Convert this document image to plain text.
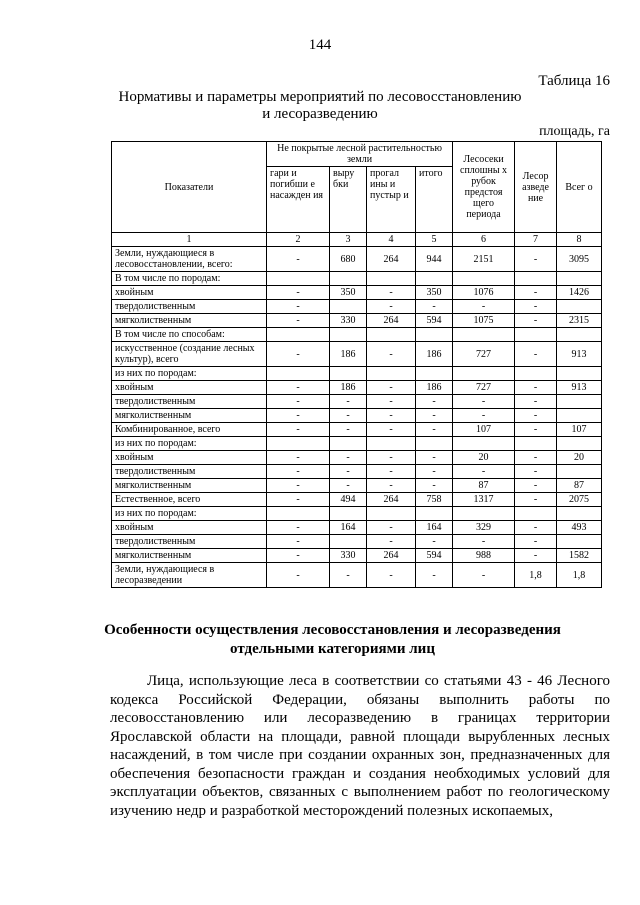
144
Таблица 16
Нормативы и параметры мероприятий по лесовосстановлению
и лесоразведению
площадь, га
Показатели	Не покрытые лесной растительностью земли				Лесосеки сплошны х рубок предстоя щего периода	Лесор азведе ние	Всег о
	гари и погибши е насажден ия	выру бки	прогал ины и пустыр и	итого			
1	2	3	4	5	6	7	8
Земли, нуждающиеся в лесовосстановлении, всего:	-	680	264	944	2151	-	3095
В том числе по породам:							
хвойным	-	350	-	350	1076	-	1426
твердолиственным	-		-	-	-	-	
мягколиственным	-	330	264	594	1075	-	2315
В том числе по способам:							
искусственное (создание лесных культур), всего	-	186	-	186	727	-	913
из них по породам:							
хвойным	-	186	-	186	727	-	913
твердолиственным	-	-	-	-	-	-	
мягколиственным	-	-	-	-	-	-	
Комбинированное, всего	-	-	-	-	107	-	107
из них по породам:							
хвойным	-	-	-	-	20	-	20
твердолиственным	-	-	-	-	-	-	
мягколиственным	-	-	-	-	87	-	87
Естественное, всего	-	494	264	758	1317	-	2075
из них по породам:							
хвойным	-	164	-	164	329	-	493
твердолиственным	-		-	-	-	-	
мягколиственным	-	330	264	594	988	-	1582
Земли, нуждающиеся в лесоразведении	-	-	-	-	-	1,8	1,8
Особенности осуществления лесовосстановления и лесоразведения
отдельными категориями лиц
Лица, использующие леса в соответствии со статьями 43 - 46 Лесного кодекса Российской Федерации, обязаны выполнить работы по лесовосстановлению или лесоразведению в границах территории Ярославской области на площади, равной площади вырубленных лесных насаждений, в том числе при создании охранных зон, предназначенных для обеспечения безопасности граждан и создания необходимых условий для эксплуатации объектов, связанных с выполнением работ по геологическому изучению недр и разработкой месторождений полезных ископаемых,
